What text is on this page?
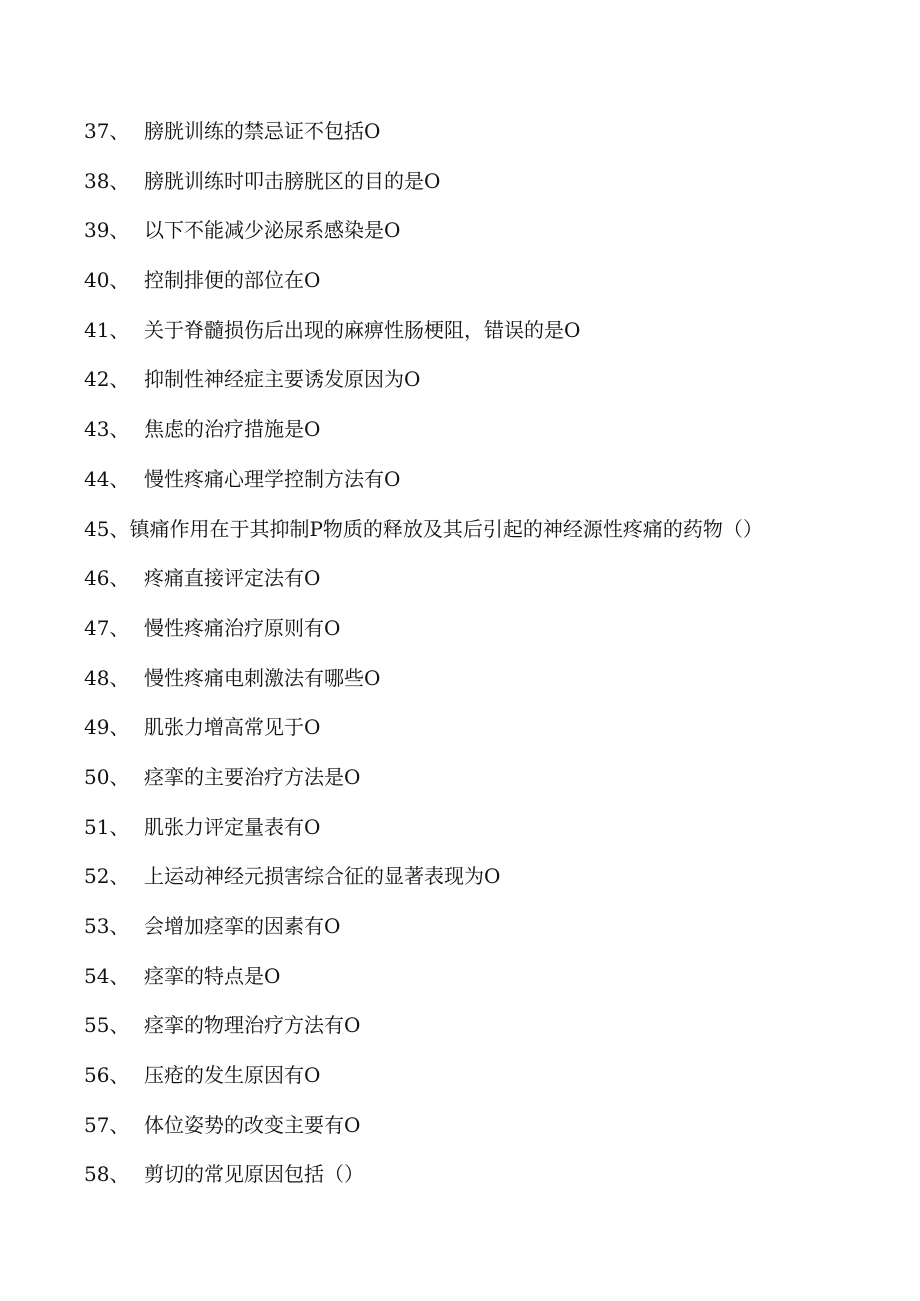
37、 膀胱训练的禁忌证不包括O
38、 膀胱训练时叩击膀胱区的目的是O
39、 以下不能减少泌尿系感染是O
40、 控制排便的部位在O
41、 关于脊髓损伤后出现的麻痹性肠梗阻，错误的是O
42、 抑制性神经症主要诱发原因为O
43、 焦虑的治疗措施是O
44、 慢性疼痛心理学控制方法有O
45、 镇痛作用在于其抑制P物质的释放及其后引起的神经源性疼痛的药物（）
46、 疼痛直接评定法有O
47、 慢性疼痛治疗原则有O
48、 慢性疼痛电刺激法有哪些O
49、 肌张力增高常见于O
50、 痉挛的主要治疗方法是O
51、 肌张力评定量表有O
52、 上运动神经元损害综合征的显著表现为O
53、 会增加痉挛的因素有O
54、 痉挛的特点是O
55、 痉挛的物理治疗方法有O
56、 压疮的发生原因有O
57、 体位姿势的改变主要有O
58、 剪切的常见原因包括（）
